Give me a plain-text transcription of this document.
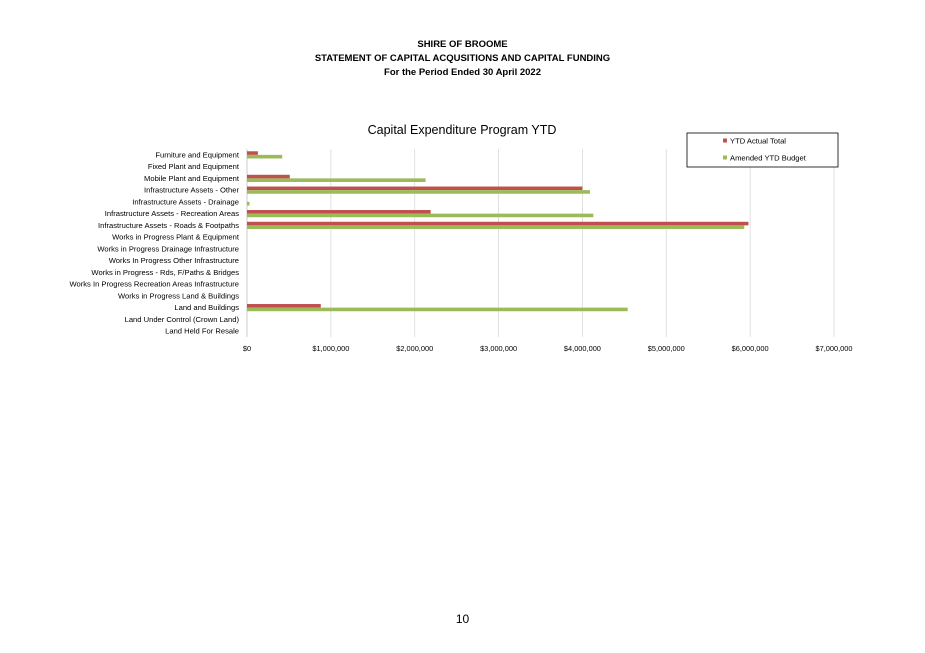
SHIRE OF BROOME
STATEMENT OF CAPITAL ACQUSITIONS AND CAPITAL FUNDING
For the Period Ended 30 April 2022
Capital Expenditure Program YTD
Furniture and Equipment
Fixed Plant and Equipment
Mobile Plant and Equipment
Infrastructure Assets - Other
Infrastructure Assets - Drainage
Infrastructure Assets - Recreation Areas
Infrastructure Assets - Roads & Footpaths
Works in Progress Plant & Equipment
Works in Progress Drainage Infrastructure
Works In Progress Other Infrastructure
Works in Progress - Rds, F/Paths & Bridges
Works In Progress Recreation Areas Infrastructure
Works in Progress Land & Buildings
Land and Buildings
Land Under Control (Crown Land)
Land Held For Resale
$0	$1,000,000	$2,000,000	$3,000,000	$4,000,000	$5,000,000	$6,000,000	$7,000,000
YTD Actual Total
Amended YTD Budget
10
